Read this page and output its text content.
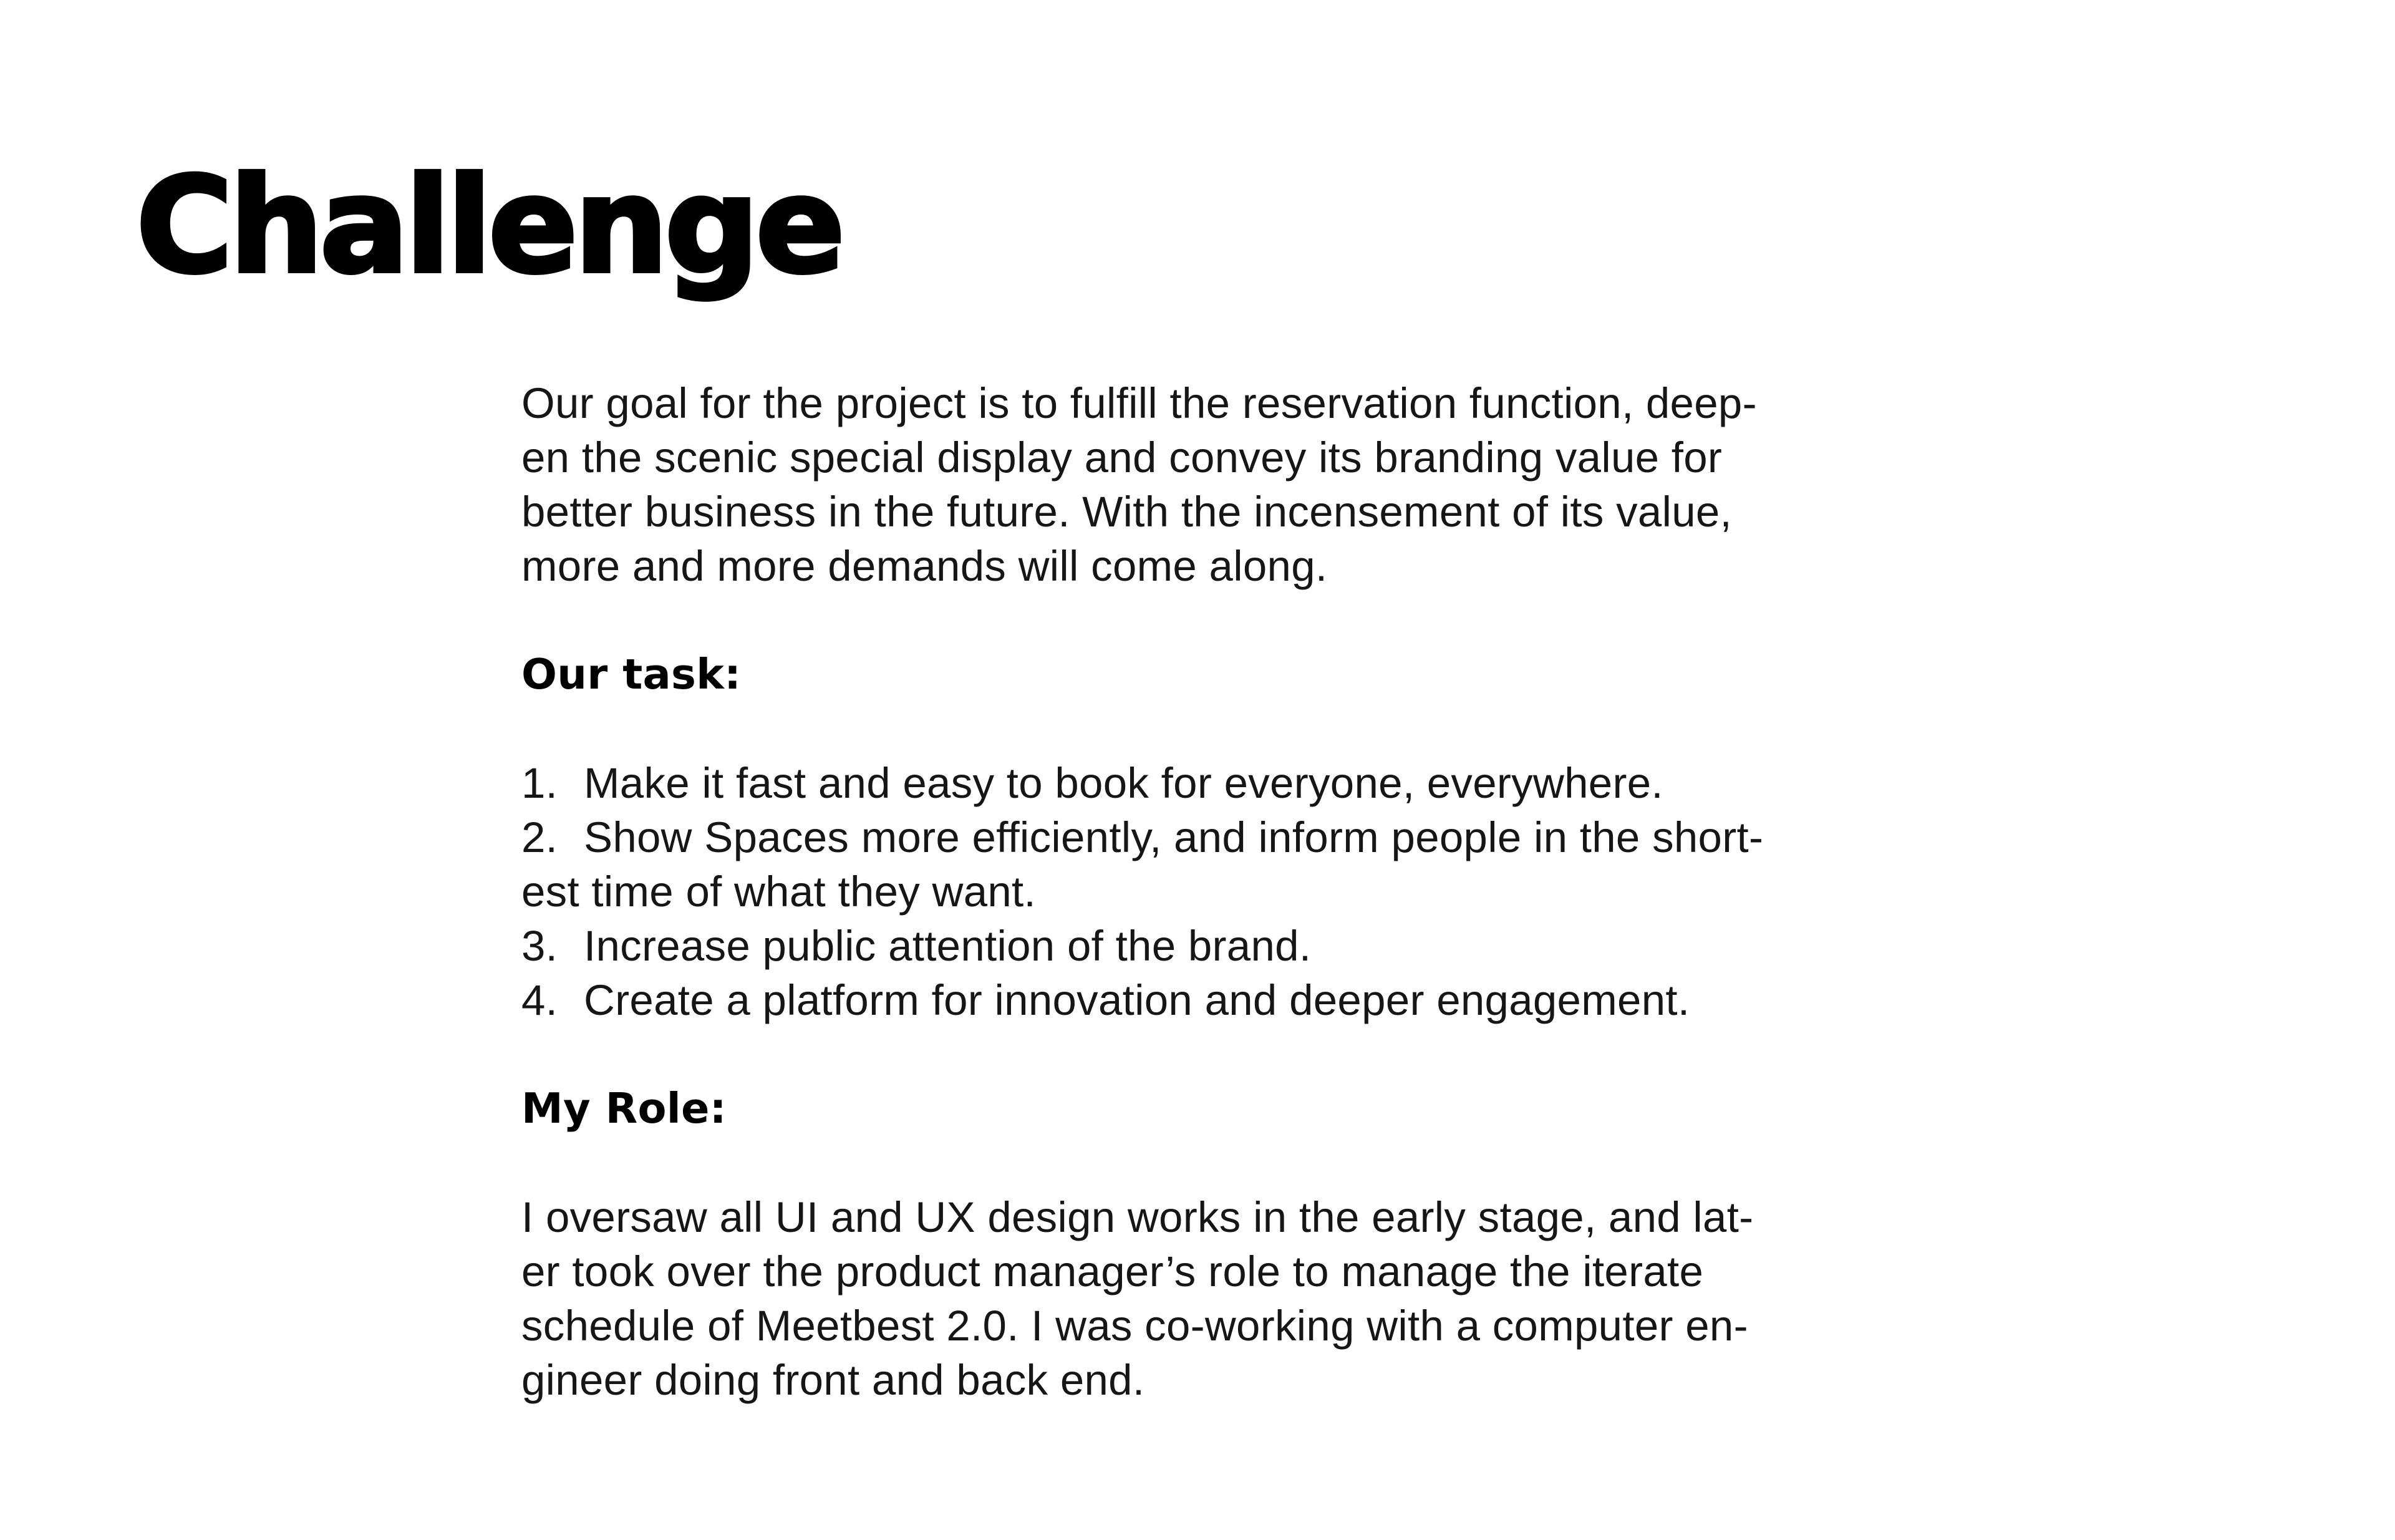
Challenge

Our goal for the project is to fulfill the reservation function, deep-
en the scenic special display and convey its branding value for
better business in the future. With the incensement of its value,
more and more demands will come along.

Our task:
1. Make it fast and easy to book for everyone, everywhere.
2. Show Spaces more efficiently, and inform people in the short-
est time of what they want.
3. Increase public attention of the brand.
4. Create a platform for innovation and deeper engagement.
My Role:

I oversaw all UI and UX design works in the early stage, and lat-
er took over the product manager’s role to manage the iterate
schedule of Meetbest 2.0. I was co-working with a computer en-
gineer doing front and back end.
